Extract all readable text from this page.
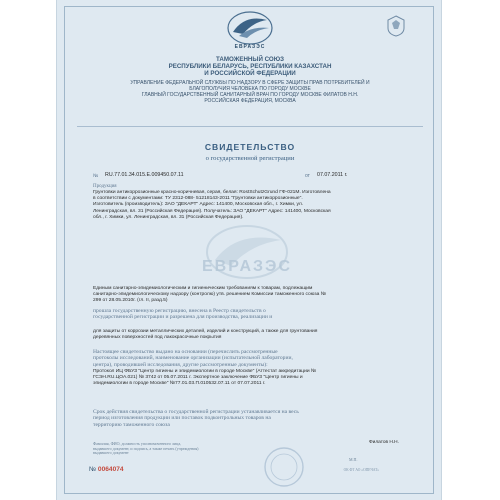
ЕВРАЗЭС
ТАМОЖЕННЫЙ СОЮЗ
РЕСПУБЛИКИ БЕЛАРУСЬ, РЕСПУБЛИКИ КАЗАХСТАН
И РОССИЙСКОЙ ФЕДЕРАЦИИ
УПРАВЛЕНИЕ ФЕДЕРАЛЬНОЙ СЛУЖБЫ ПО НАДЗОРУ В СФЕРЕ ЗАЩИТЫ ПРАВ ПОТРЕБИТЕЛЕЙ И
БЛАГОПОЛУЧИЯ ЧЕЛОВЕКА ПО ГОРОДУ МОСКВЕ
ГЛАВНЫЙ ГОСУДАРСТВЕННЫЙ САНИТАРНЫЙ ВРАЧ ПО ГОРОДУ МОСКВЕ ФИЛАТОВ Н.Н.
РОССИЙСКАЯ ФЕДЕРАЦИЯ, МОСКВА
СВИДЕТЕЛЬСТВО
о государственной регистрации
№ RU.77.01.34.015.Е.009450.07.11	от 07.07.2011 г.
Продукция
Грунтовки антикоррозионные красно-коричневая, серая, белая: RostSchutzGrund ГФ-021М. Изготовлена
в соответствии с документами: ТУ 2312-088- 51218143-2011 "Грунтовки антикоррозионные".
Изготовитель (производитель): ЗАО "ДЕКАРТ" Адрес: 141400, Московская обл., г. Химки, ул.
Ленинградская, вл. 31 (Российская Федерация). Получатель: ЗАО "ДЕКАРТ" Адрес: 141400, Московская
обл., г. Химки, ул. Ленинградская, вл. 31 (Российская Федерация).
ЕВРАЗЭС
Единым санитарно-эпидемиологическим и гигиеническим требованиям к товарам, подлежащим
санитарно-эпидемиологическому надзору (контролю) утв. решением Комиссии таможенного союза №
299 от 28.05.2010г. (гл. II, разд.5)
прошла государственную регистрацию, внесена в Реестр свидетельств о
государственной регистрации и разрешена для производства, реализации и
для защиты от коррозии металлических деталей, изделий и конструкций, а также для грунтования
деревянных поверхностей под лакокрасочные покрытия
Настоящее свидетельство выдано на основании (перечислить рассмотренные
протоколы исследований, наименование организации (испытательной лаборатории,
центра), проводившей исследования, другие рассмотренные документы):
Протокол ИЦ ФБУЗ "Центр гигиены и эпидемиологии в городе Москве" (Аттестат аккредитации №
ГСЭН.RU.ЦОА.021) № 3742 от 05.07.2011 г. Экспертное заключение ФБУЗ "Центр гигиены и
эпидемиологии в городе Москве" №77.01.03.П.010532.07.11 от 07.07.2011 г.
Срок действия свидетельства о государственной регистрации устанавливается на весь
период изготовления продукции или поставок подконтрольных товаров на
территорию таможенного союза
Фамилия, ФИО, должность уполномоченного лица,
выдавшего документ, и подпись, а также печать (учреждения)
выдавшего документ
Филатов Н.Н.
М.П.
№ 0064074	ОК ФТ АО «ОПЕЧАТ»
